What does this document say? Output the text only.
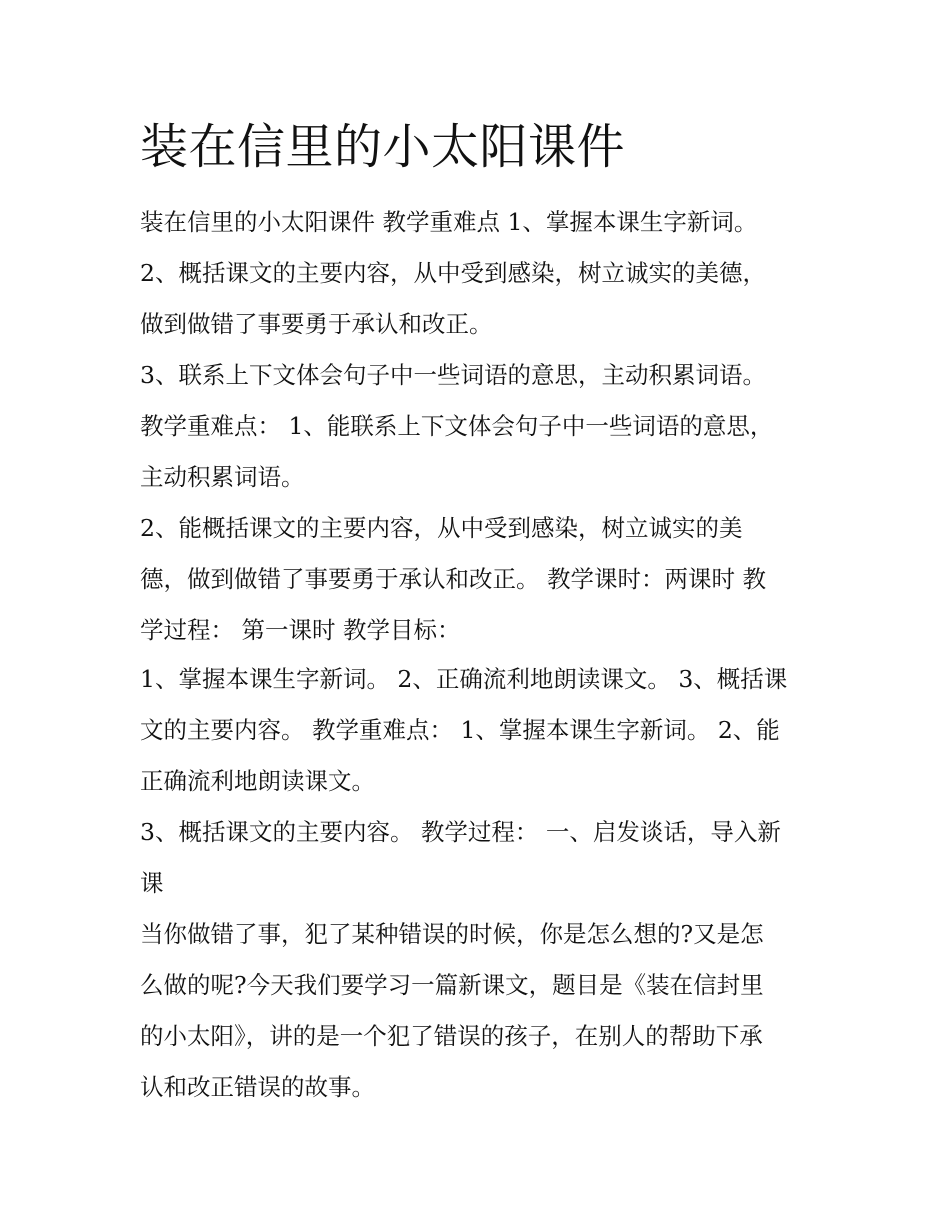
装在信里的小太阳课件
装在信里的小太阳课件 教学重难点 1、掌握本课生字新词。
2、概括课文的主要内容，从中受到感染，树立诚实的美德，
做到做错了事要勇于承认和改正。
3、联系上下文体会句子中一些词语的意思，主动积累词语。
教学重难点： 1、能联系上下文体会句子中一些词语的意思，
主动积累词语。
2、能概括课文的主要内容，从中受到感染，树立诚实的美
德，做到做错了事要勇于承认和改正。 教学课时：两课时 教
学过程： 第一课时 教学目标：
1、掌握本课生字新词。 2、正确流利地朗读课文。 3、概括课
文的主要内容。 教学重难点： 1、掌握本课生字新词。 2、能
正确流利地朗读课文。
3、概括课文的主要内容。 教学过程： 一、启发谈话，导入新
课
当你做错了事，犯了某种错误的时候，你是怎么想的?又是怎
么做的呢?今天我们要学习一篇新课文，题目是《装在信封里
的小太阳》，讲的是一个犯了错误的孩子，在别人的帮助下承
认和改正错误的故事。
